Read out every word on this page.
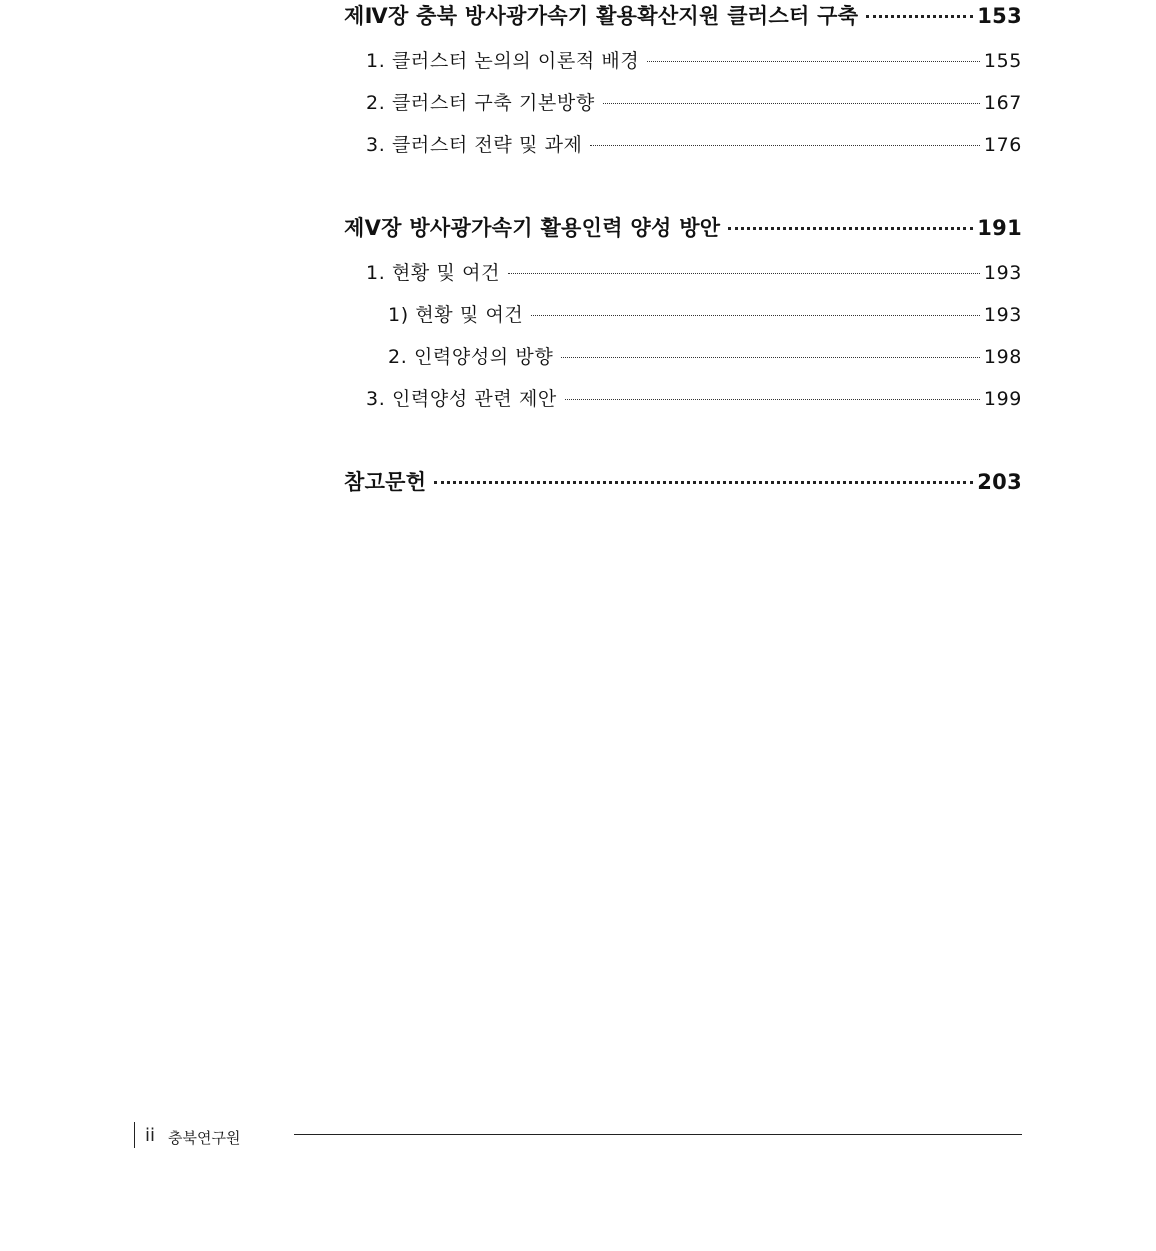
제Ⅳ장 충북 방사광가속기 활용확산지원 클러스터 구축	153
1. 클러스터 논의의 이론적 배경	155
2. 클러스터 구축 기본방향	167
3. 클러스터 전략 및 과제	176
제Ⅴ장 방사광가속기 활용인력 양성 방안	191
1. 현황 및 여건	193
1) 현황 및 여건	193
2. 인력양성의 방향	198
3. 인력양성 관련 제안	199
참고문헌	203
ii 충북연구원
